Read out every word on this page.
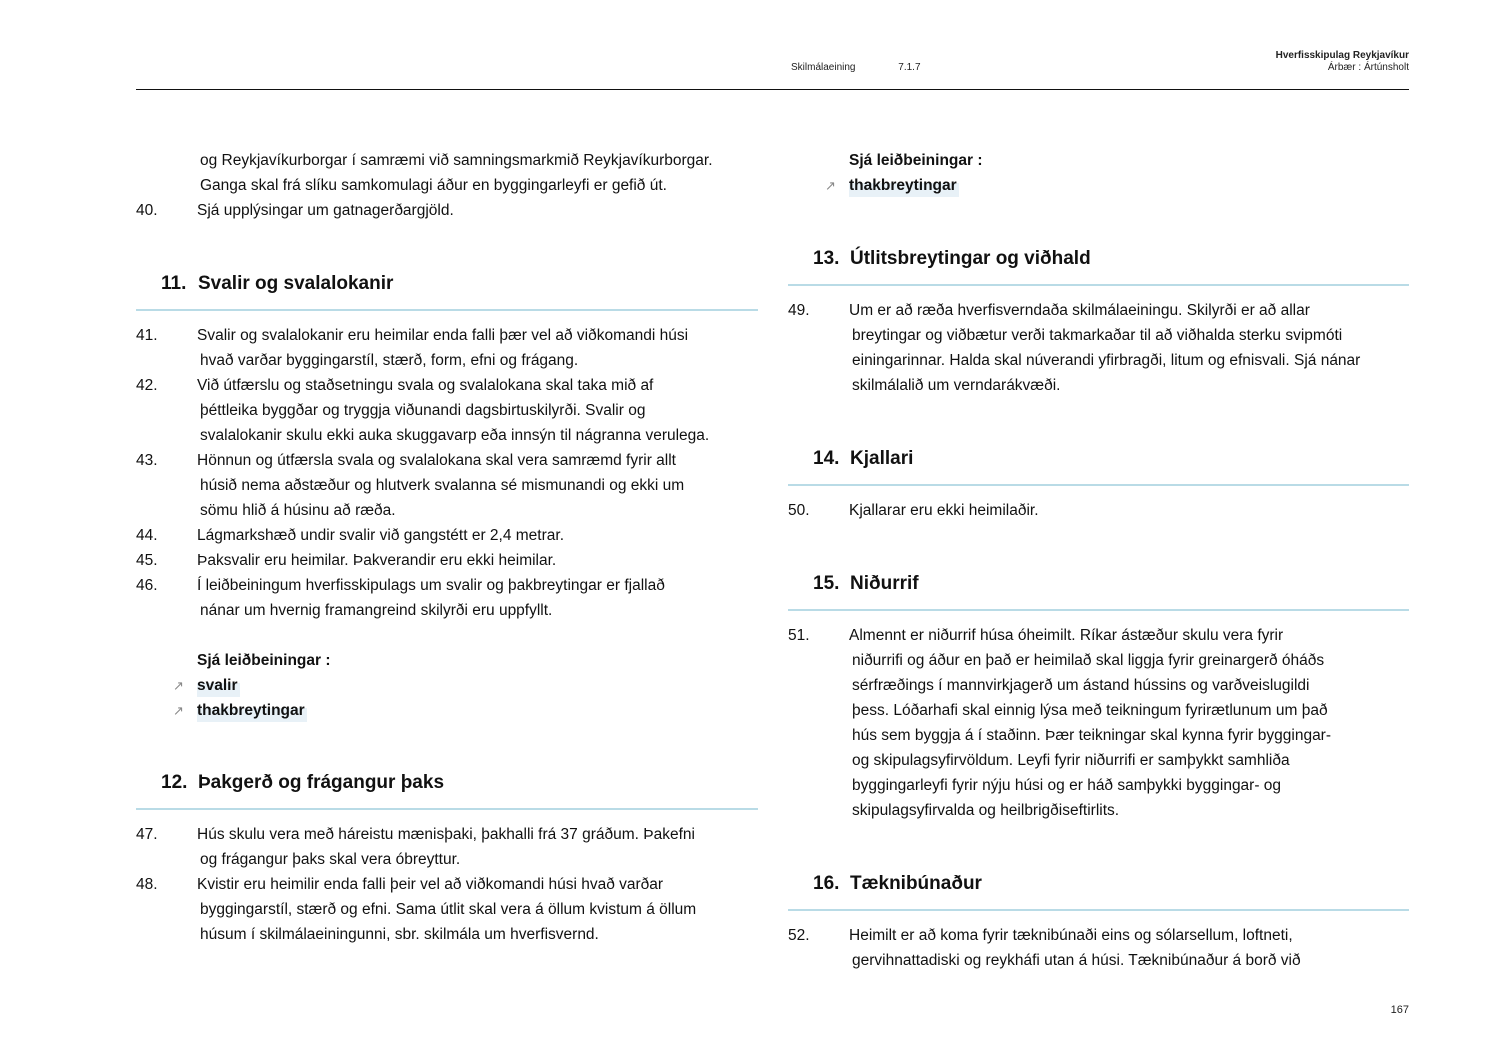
Skilmálaeining	7.1.7
Hverfisskipulag Reykjavíkur
Árbær : Ártúnsholt
og Reykjavíkurborgar í samræmi við samningsmarkmið Reykjavíkurborgar.
Ganga skal frá slíku samkomulagi áður en byggingarleyfi er gefið út.
40.	Sjá upplýsingar um gatnagerðargjöld.
11. Svalir og svalalokanir
41.	Svalir og svalalokanir eru heimilar enda falli þær vel að viðkomandi húsi
hvað varðar byggingarstíl, stærð, form, efni og frágang.
42.	Við útfærslu og staðsetningu svala og svalalokana skal taka mið af
þéttleika byggðar og tryggja viðunandi dagsbirtuskilyrði. Svalir og
svalalokanir skulu ekki auka skuggavarp eða innsýn til nágranna verulega.
43.	Hönnun og útfærsla svala og svalalokana skal vera samræmd fyrir allt
húsið nema aðstæður og hlutverk svalanna sé mismunandi og ekki um
sömu hlið á húsinu að ræða.
44.	Lágmarkshæð undir svalir við gangstétt er 2,4 metrar.
45.	Þaksvalir eru heimilar. Þakverandir eru ekki heimilar.
46.	Í leiðbeiningum hverfisskipulags um svalir og þakbreytingar er fjallað
nánar um hvernig framangreind skilyrði eru uppfyllt.
Sjá leiðbeiningar :
↗ svalir
↗ thakbreytingar
12. Þakgerð og frágangur þaks
47.	Hús skulu vera með háreistu mænisþaki, þakhalli frá 37 gráðum. Þakefni
og frágangur þaks skal vera óbreyttur.
48.	Kvistir eru heimilir enda falli þeir vel að viðkomandi húsi hvað varðar
byggingarstíl, stærð og efni. Sama útlit skal vera á öllum kvistum á öllum
húsum í skilmálaeiningunni, sbr. skilmála um hverfisvernd.
Sjá leiðbeiningar :
↗ thakbreytingar
13. Útlitsbreytingar og viðhald
49.	Um er að ræða hverfisverndaða skilmálaeiningu. Skilyrði er að allar
breytingar og viðbætur verði takmarkaðar til að viðhalda sterku svipmóti
einingarinnar. Halda skal núverandi yfirbragði, litum og efnisvali. Sjá nánar
skilmálalið um verndarákvæði.
14. Kjallari
50.	Kjallarar eru ekki heimilaðir.
15. Niðurrif
51.	Almennt er niðurrif húsa óheimilt. Ríkar ástæður skulu vera fyrir
niðurrifi og áður en það er heimilað skal liggja fyrir greinargerð óháðs
sérfræðings í mannvirkjagerð um ástand hússins og varðveislugildi
þess. Lóðarhafi skal einnig lýsa með teikningum fyrirætlunum um það
hús sem byggja á í staðinn. Þær teikningar skal kynna fyrir byggingar-
og skipulagsyfirvöldum. Leyfi fyrir niðurrifi er samþykkt samhliða
byggingarleyfi fyrir nýju húsi og er háð samþykki byggingar- og
skipulagsyfirvalda og heilbrigðiseftirlits.
16. Tæknibúnaður
52.	Heimilt er að koma fyrir tæknibúnaði eins og sólarsellum, loftneti,
gervihnattadiski og reykháfi utan á húsi. Tæknibúnaður á borð við
167
